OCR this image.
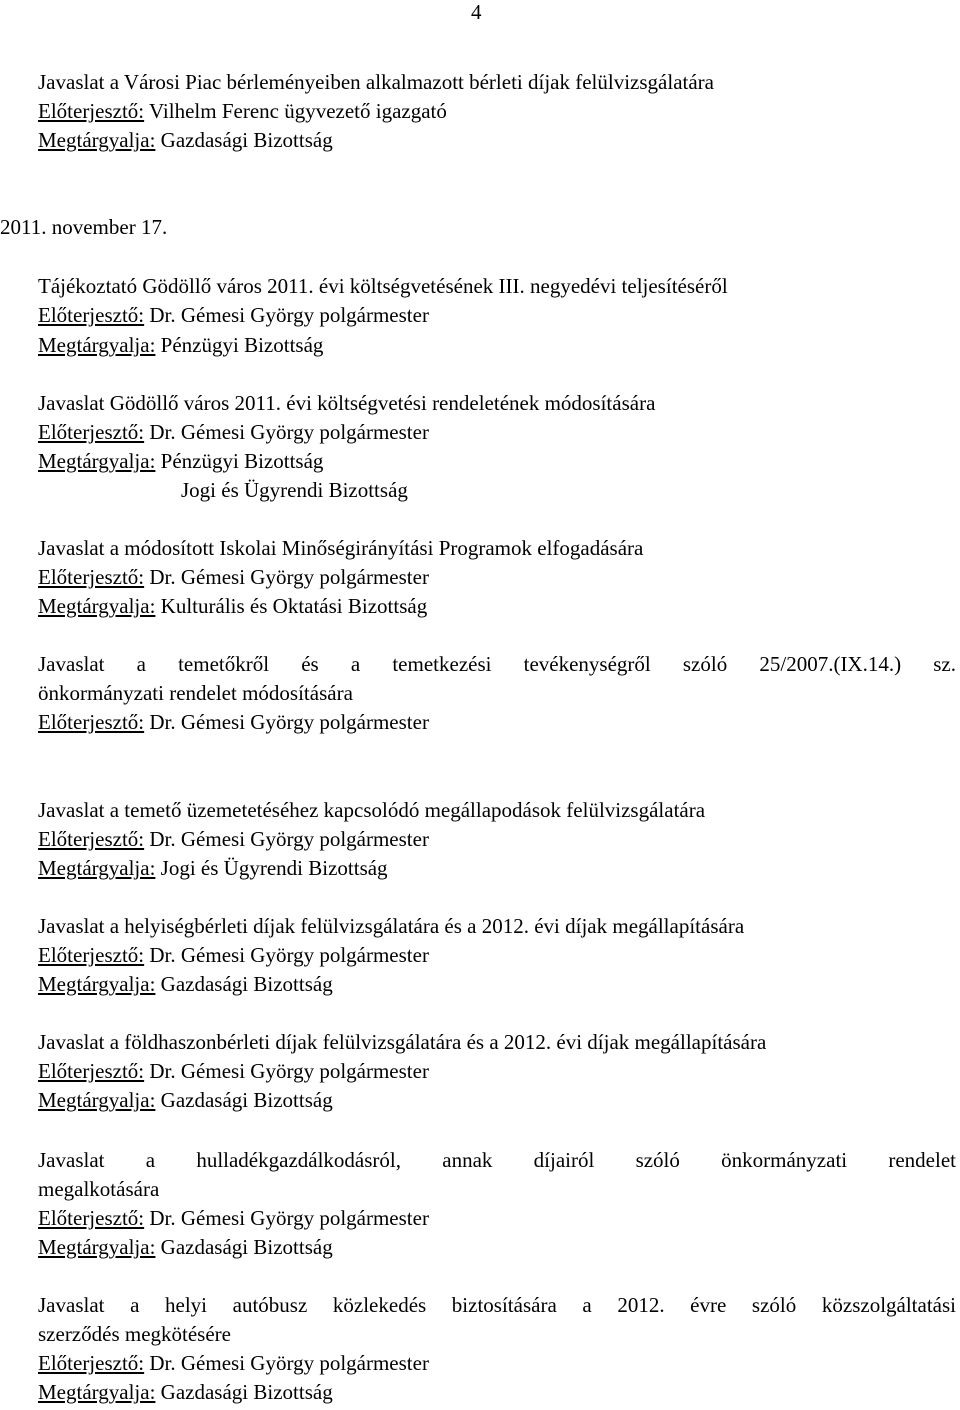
4
Javaslat a Városi Piac bérleményeiben alkalmazott bérleti díjak felülvizsgálatára
Előterjesztő: Vilhelm Ferenc ügyvezető igazgató
Megtárgyalja: Gazdasági Bizottság
2011. november 17.
Tájékoztató Gödöllő város 2011. évi költségvetésének III. negyedévi teljesítéséről
Előterjesztő: Dr. Gémesi György polgármester
Megtárgyalja: Pénzügyi Bizottság
Javaslat Gödöllő város 2011. évi költségvetési rendeletének módosítására
Előterjesztő: Dr. Gémesi György polgármester
Megtárgyalja: Pénzügyi Bizottság
Jogi és Ügyrendi Bizottság
Javaslat a módosított Iskolai Minőségirányítási Programok elfogadására
Előterjesztő: Dr. Gémesi György polgármester
Megtárgyalja: Kulturális és Oktatási Bizottság
Javaslat a temetőkről és a temetkezési tevékenységről szóló 25/2007.(IX.14.) sz.
önkormányzati rendelet módosítására
Előterjesztő: Dr. Gémesi György polgármester
Javaslat a temető üzemetetéséhez kapcsolódó megállapodások felülvizsgálatára
Előterjesztő: Dr. Gémesi György polgármester
Megtárgyalja: Jogi és Ügyrendi Bizottság
Javaslat a helyiségbérleti díjak felülvizsgálatára és a 2012. évi díjak megállapítására
Előterjesztő: Dr. Gémesi György polgármester
Megtárgyalja: Gazdasági Bizottság
Javaslat a földhaszonbérleti díjak felülvizsgálatára és a 2012. évi díjak megállapítására
Előterjesztő: Dr. Gémesi György polgármester
Megtárgyalja: Gazdasági Bizottság
Javaslat a hulladékgazdálkodásról, annak díjairól szóló önkormányzati rendelet
megalkotására
Előterjesztő: Dr. Gémesi György polgármester
Megtárgyalja: Gazdasági Bizottság
Javaslat a helyi autóbusz közlekedés biztosítására a 2012. évre szóló közszolgáltatási
szerződés megkötésére
Előterjesztő: Dr. Gémesi György polgármester
Megtárgyalja: Gazdasági Bizottság
